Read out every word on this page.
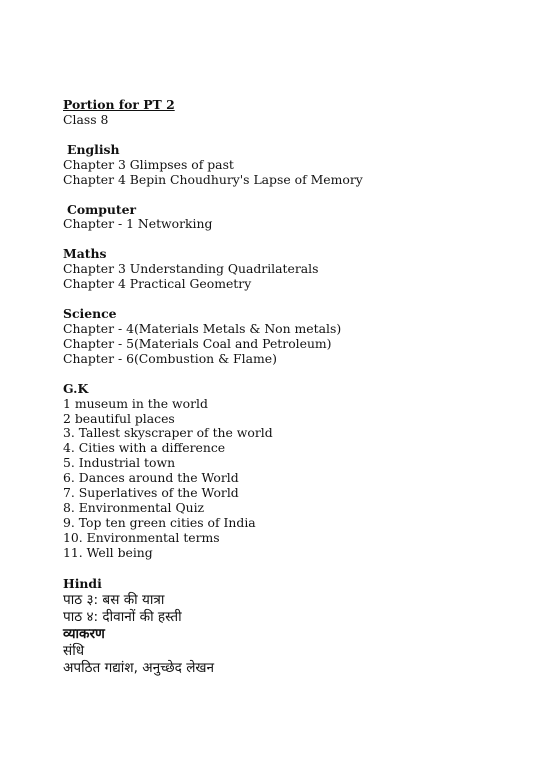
Portion for PT 2
Class 8
English
Chapter 3 Glimpses of past
Chapter 4 Bepin Choudhury's Lapse of Memory
Computer
Chapter - 1 Networking
Maths
Chapter 3 Understanding Quadrilaterals
Chapter 4 Practical Geometry
Science
Chapter - 4(Materials Metals & Non metals)
Chapter - 5(Materials Coal and Petroleum)
Chapter - 6(Combustion & Flame)
G.K
1 museum in the world
2 beautiful places
3. Tallest skyscraper of the world
4. Cities with a difference
5. Industrial town
6. Dances around the World
7. Superlatives of the World
8. Environmental Quiz
9. Top ten green cities of India
10. Environmental terms
11. Well being
Hindi
पाठ ३: बस की यात्रा
पाठ ४: दीवानों की हस्ती
व्याकरण
संधि
अपठित गद्यांश, अनुच्छेद लेखन
